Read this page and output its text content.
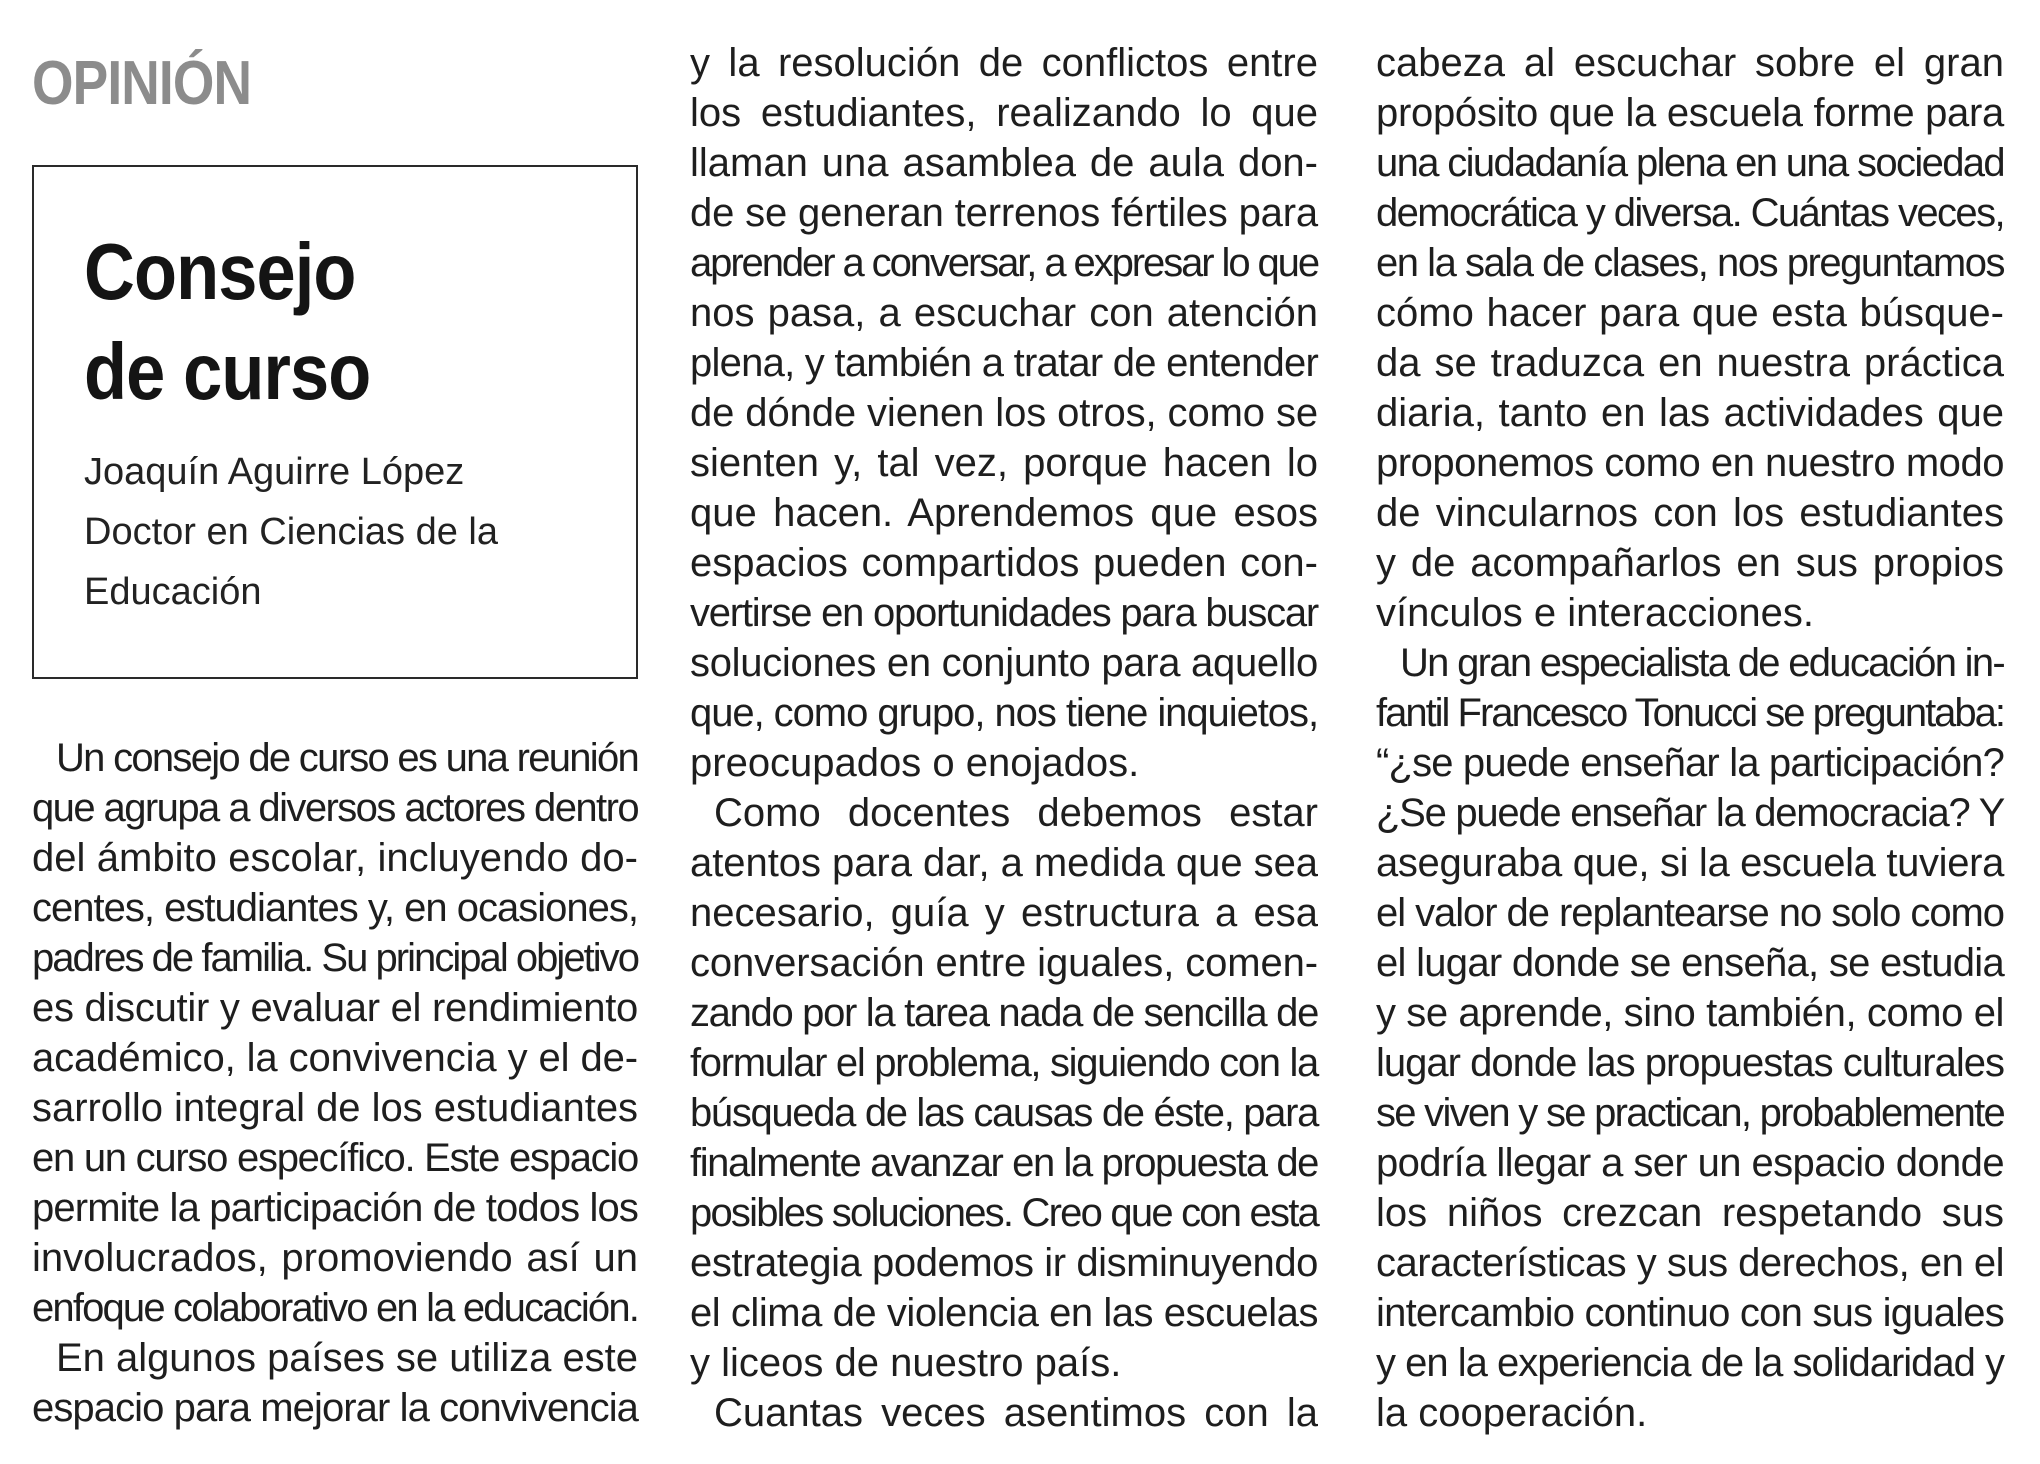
OPINIÓN
Consejo
de curso
Joaquín Aguirre López
Doctor en Ciencias de la
Educación
Un consejo de curso es una reunión
que agrupa a diversos actores dentro
del ámbito escolar, incluyendo do-
centes, estudiantes y, en ocasiones,
padres de familia. Su principal objetivo
es discutir y evaluar el rendimiento
académico, la convivencia y el de-
sarrollo integral de los estudiantes
en un curso específico. Este espacio
permite la participación de todos los
involucrados, promoviendo así un
enfoque colaborativo en la educación.
En algunos países se utiliza este
espacio para mejorar la convivencia
y la resolución de conflictos entre
los estudiantes, realizando lo que
llaman una asamblea de aula don-
de se generan terrenos fértiles para
aprender a conversar, a expresar lo que
nos pasa, a escuchar con atención
plena, y también a tratar de entender
de dónde vienen los otros, como se
sienten y, tal vez, porque hacen lo
que hacen. Aprendemos que esos
espacios compartidos pueden con-
vertirse en oportunidades para buscar
soluciones en conjunto para aquello
que, como grupo, nos tiene inquietos,
preocupados o enojados.
Como docentes debemos estar
atentos para dar, a medida que sea
necesario, guía y estructura a esa
conversación entre iguales, comen-
zando por la tarea nada de sencilla de
formular el problema, siguiendo con la
búsqueda de las causas de éste, para
finalmente avanzar en la propuesta de
posibles soluciones. Creo que con esta
estrategia podemos ir disminuyendo
el clima de violencia en las escuelas
y liceos de nuestro país.
Cuantas veces asentimos con la
cabeza al escuchar sobre el gran
propósito que la escuela forme para
una ciudadanía plena en una sociedad
democrática y diversa. Cuántas veces,
en la sala de clases, nos preguntamos
cómo hacer para que esta búsque-
da se traduzca en nuestra práctica
diaria, tanto en las actividades que
proponemos como en nuestro modo
de vincularnos con los estudiantes
y de acompañarlos en sus propios
vínculos e interacciones.
Un gran especialista de educación in-
fantil Francesco Tonucci se preguntaba:
“¿se puede enseñar la participación?
¿Se puede enseñar la democracia? Y
aseguraba que, si la escuela tuviera
el valor de replantearse no solo como
el lugar donde se enseña, se estudia
y se aprende, sino también, como el
lugar donde las propuestas culturales
se viven y se practican, probablemente
podría llegar a ser un espacio donde
los niños crezcan respetando sus
características y sus derechos, en el
intercambio continuo con sus iguales
y en la experiencia de la solidaridad y
la cooperación.
